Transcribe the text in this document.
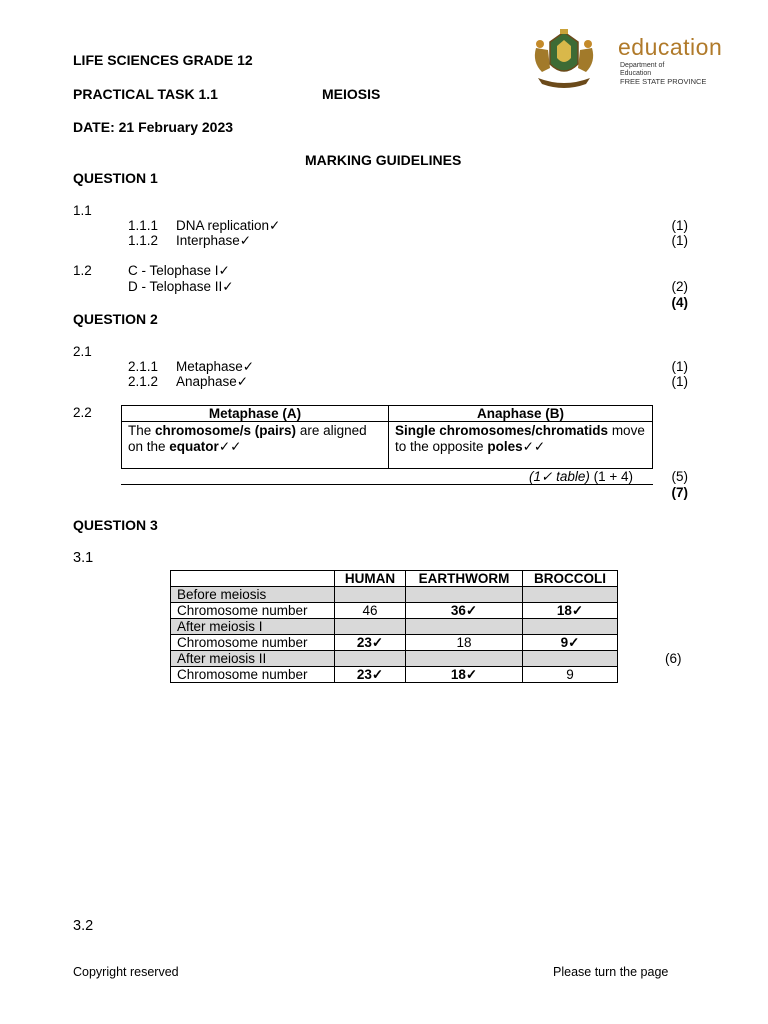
LIFE SCIENCES GRADE 12
PRACTICAL TASK 1.1	MEIOSIS
DATE: 21 February 2023
MARKING GUIDELINES
education
Department of
Education
FREE STATE PROVINCE
QUESTION 1
1.1
1.1.1 DNA replication✓	(1)
1.1.2 Interphase✓	(1)
1.2	C - Telophase I✓
D - Telophase II✓	(2)
(4)
QUESTION 2
2.1
2.1.1 Metaphase✓	(1)
2.1.2 Anaphase✓	(1)
2.2	Metaphase (A)	Anaphase (B)
The chromosome/s (pairs) are aligned on the equator✓✓	Single chromosomes/chromatids move to the opposite poles✓✓
(1✓ table) (1 + 4)	(5)
(7)
QUESTION 3
3.1
	HUMAN	EARTHWORM	BROCCOLI
Before meiosis			
Chromosome number	46	36✓	18✓
After meiosis I			
Chromosome number	23✓	18	9✓
After meiosis II			
Chromosome number	23✓	18✓	9
(6)
3.2
Copyright reserved	Please turn the page
